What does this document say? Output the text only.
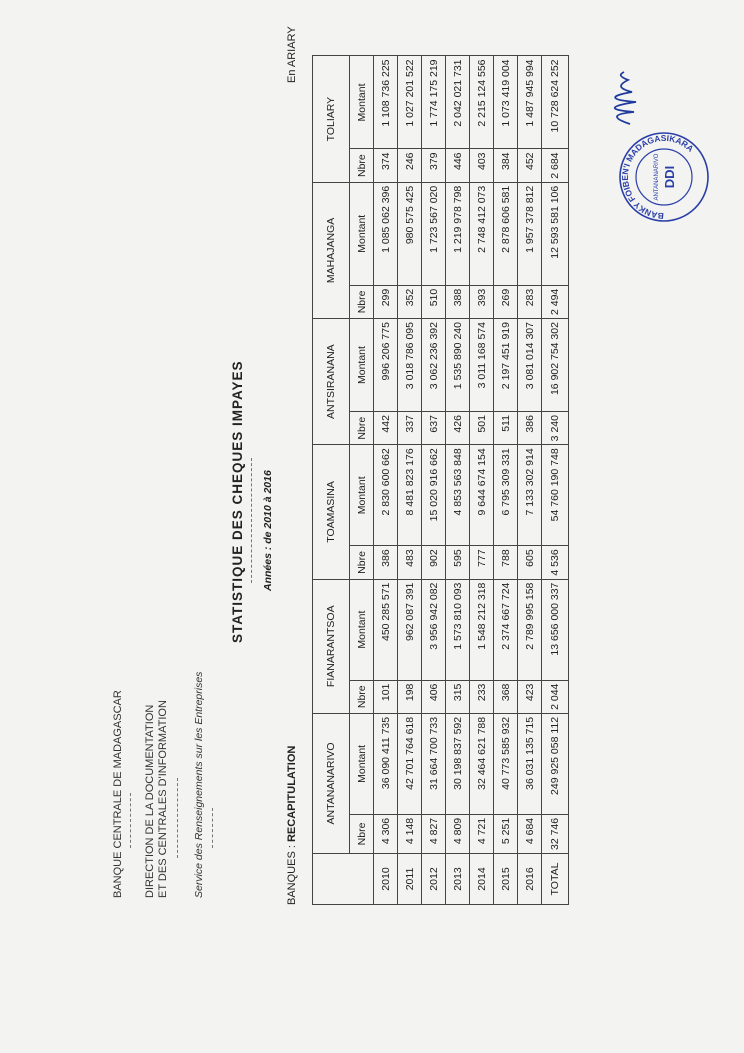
BANQUE CENTRALE DE MADAGASCAR DIRECTION DE LA DOCUMENTATION ET DES CENTRALES D'INFORMATION Service des Renseignements sur les Entreprises
STATISTIQUE DES CHEQUES IMPAYES Années : de 2010 à 2016
BANQUES : RECAPITULATION
En ARIARY
	ANTANANARIVO		FIANARANTSOA		TOAMASINA		ANTSIRANANA		MAHAJANGA		TOLIARY	
	Nbre	Montant	Nbre	Montant	Nbre	Montant	Nbre	Montant	Nbre	Montant	Nbre	Montant
2010	4 306	36 090 411 735	101	450 285 571	386	2 830 600 662	442	996 206 775	299	1 085 062 396	374	1 108 736 225
2011	4 148	42 701 764 618	198	962 087 391	483	8 481 823 176	337	3 018 786 095	352	980 575 425	246	1 027 201 522
2012	4 827	31 664 700 733	406	3 956 942 082	902	15 020 916 662	637	3 062 236 392	510	1 723 567 020	379	1 774 175 219
2013	4 809	30 198 837 592	315	1 573 810 093	595	4 853 563 848	426	1 535 890 240	388	1 219 978 798	446	2 042 021 731
2014	4 721	32 464 621 788	233	1 548 212 318	777	9 644 674 154	501	3 011 168 574	393	2 748 412 073	403	2 215 124 556
2015	5 251	40 773 585 932	368	2 374 667 724	788	6 795 309 331	511	2 197 451 919	269	2 878 606 581	384	1 073 419 004
2016	4 684	36 031 135 715	423	2 789 995 158	605	7 133 302 914	386	3 081 014 307	283	1 957 378 812	452	1 487 945 994
TOTAL	32 746	249 925 058 112	2 044	13 656 000 337	4 536	54 760 190 748	3 240	16 902 754 302	2 494	12 593 581 106	2 684	10 728 624 252
BANKY FOIBEN'I MADAGASIKARA
ANTANANARIVO DDI
